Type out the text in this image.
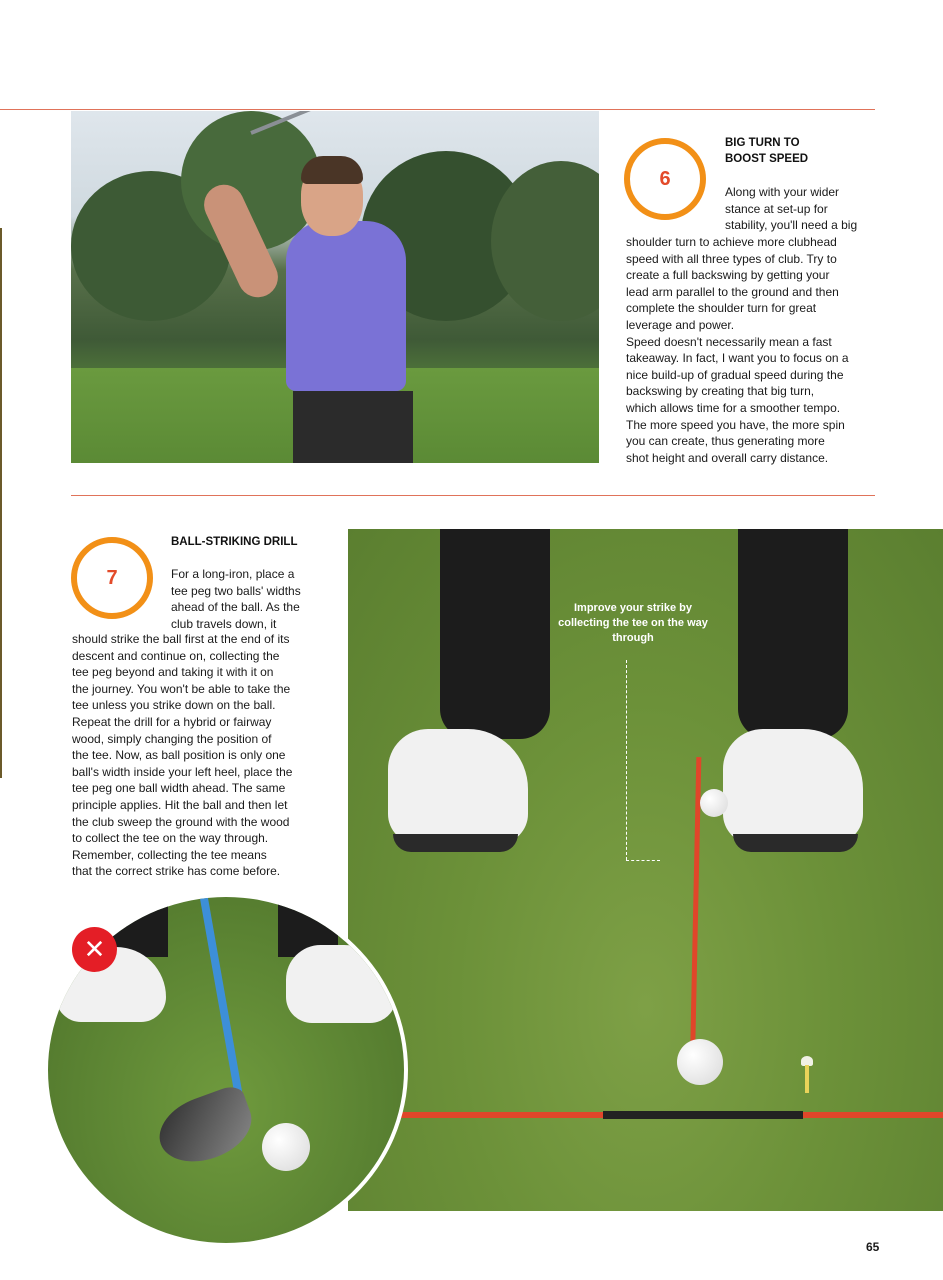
6
BIG TURN TO
BOOST SPEED
Along with your wider
stance at set-up for
stability, you'll need a big
shoulder turn to achieve more clubhead
speed with all three types of club. Try to
create a full backswing by getting your
lead arm parallel to the ground and then
complete the shoulder turn for great
leverage and power.
Speed doesn't necessarily mean a fast
takeaway. In fact, I want you to focus on a
nice build-up of gradual speed during the
backswing by creating that big turn,
which allows time for a smoother tempo.
The more speed you have, the more spin
you can create, thus generating more
shot height and overall carry distance.
7
BALL-STRIKING DRILL
For a long-iron, place a
tee peg two balls' widths
ahead of the ball. As the
club travels down, it
should strike the ball first at the end of its
descent and continue on, collecting the
tee peg beyond and taking it with it on
the journey. You won't be able to take the
tee unless you strike down on the ball.
Repeat the drill for a hybrid or fairway
wood, simply changing the position of
the tee. Now, as ball position is only one
ball's width inside your left heel, place the
tee peg one ball width ahead. The same
principle applies. Hit the ball and then let
the club sweep the ground with the wood
to collect the tee on the way through.
Remember, collecting the tee means
that the correct strike has come before.
Improve your strike by collecting the tee on the way through
✕
65
